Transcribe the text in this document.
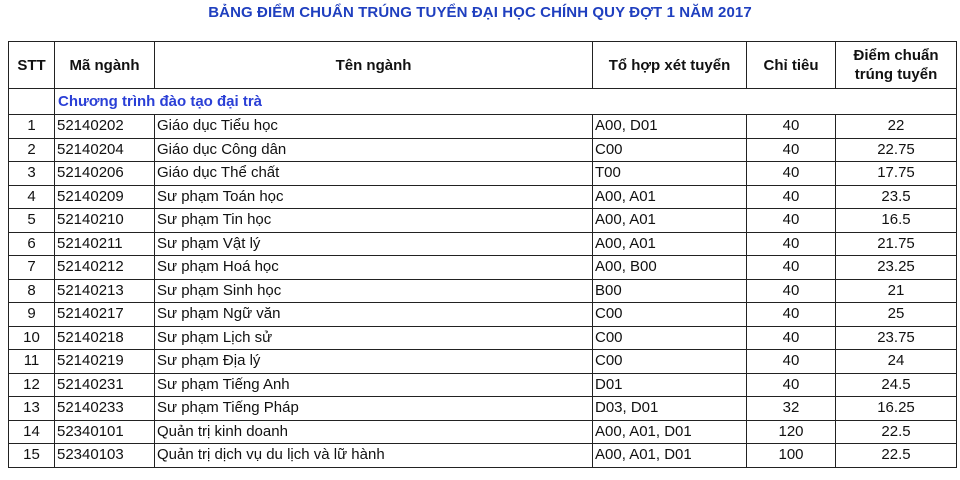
BẢNG ĐIỂM CHUẨN TRÚNG TUYỂN ĐẠI HỌC CHÍNH QUY ĐỢT 1 NĂM 2017
STT	Mã ngành	Tên ngành	Tổ hợp xét tuyển	Chỉ tiêu	Điểm chuẩn
trúng tuyển
	Chương trình đào tạo đại trà				
1	52140202	Giáo dục Tiểu học	A00, D01	40	22
2	52140204	Giáo dục Công dân	C00	40	22.75
3	52140206	Giáo dục Thể chất	T00	40	17.75
4	52140209	Sư phạm Toán học	A00, A01	40	23.5
5	52140210	Sư phạm Tin học	A00, A01	40	16.5
6	52140211	Sư phạm Vật lý	A00, A01	40	21.75
7	52140212	Sư phạm Hoá học	A00, B00	40	23.25
8	52140213	Sư phạm Sinh học	B00	40	21
9	52140217	Sư phạm Ngữ văn	C00	40	25
10	52140218	Sư phạm Lịch sử	C00	40	23.75
11	52140219	Sư phạm Địa lý	C00	40	24
12	52140231	Sư phạm Tiếng Anh	D01	40	24.5
13	52140233	Sư phạm Tiếng Pháp	D03, D01	32	16.25
14	52340101	Quản trị kinh doanh	A00, A01, D01	120	22.5
15	52340103	Quản trị dịch vụ du lịch và lữ hành	A00, A01, D01	100	22.5
